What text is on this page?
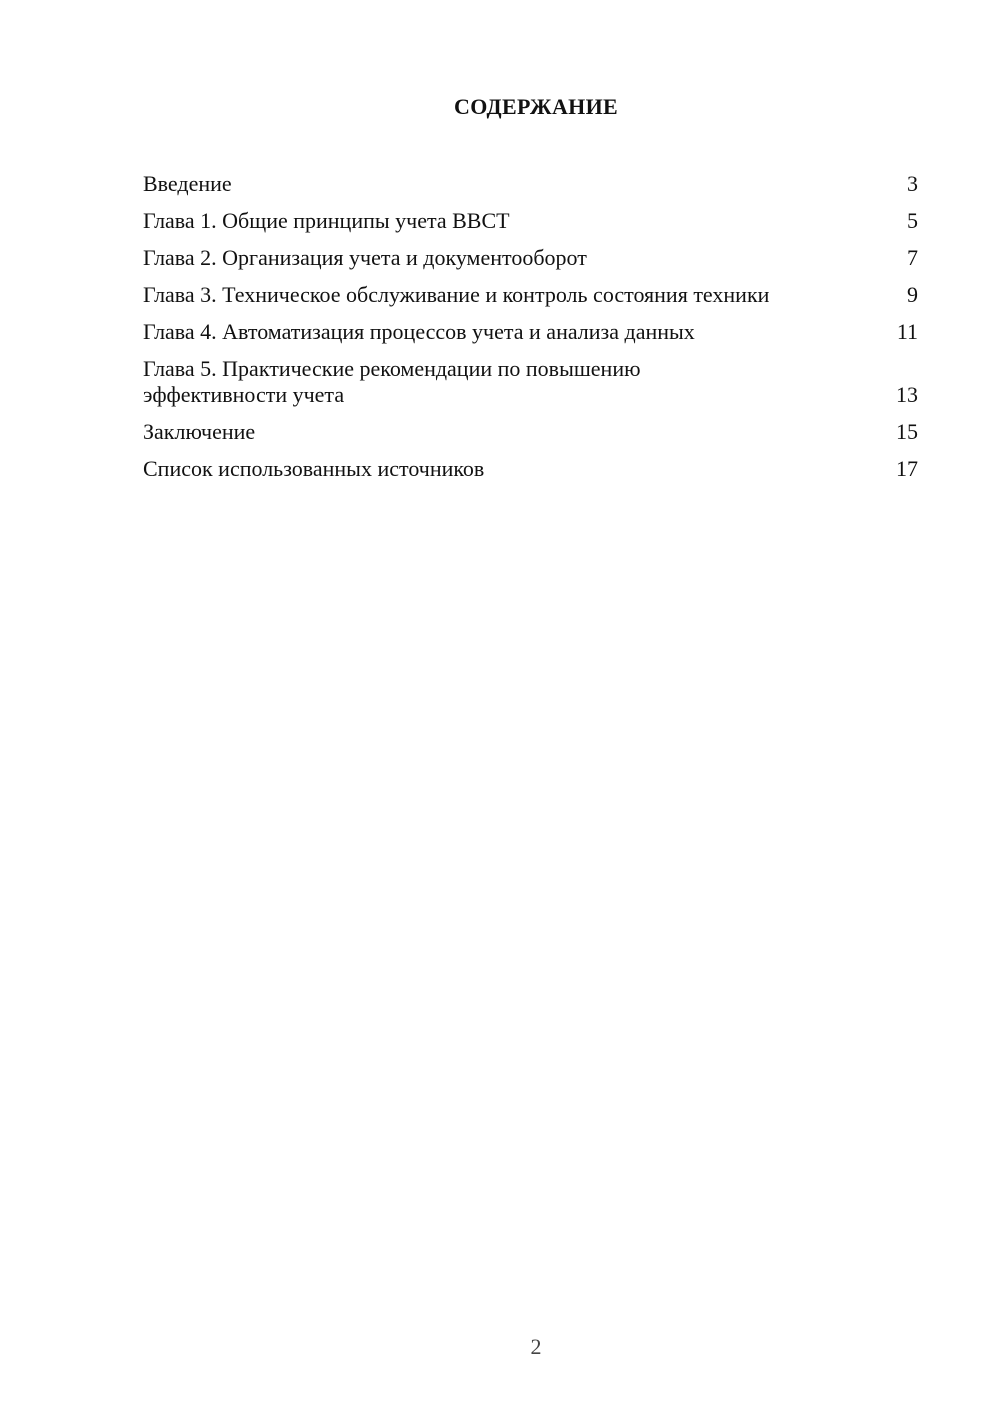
СОДЕРЖАНИЕ
Введение	3
Глава 1. Общие принципы учета ВВСТ	5
Глава 2. Организация учета и документооборот	7
Глава 3. Техническое обслуживание и контроль состояния техники	9
Глава 4. Автоматизация процессов учета и анализа данных	11
Глава 5. Практические рекомендации по повышению эффективности учета	13
Заключение	15
Список использованных источников	17
2
